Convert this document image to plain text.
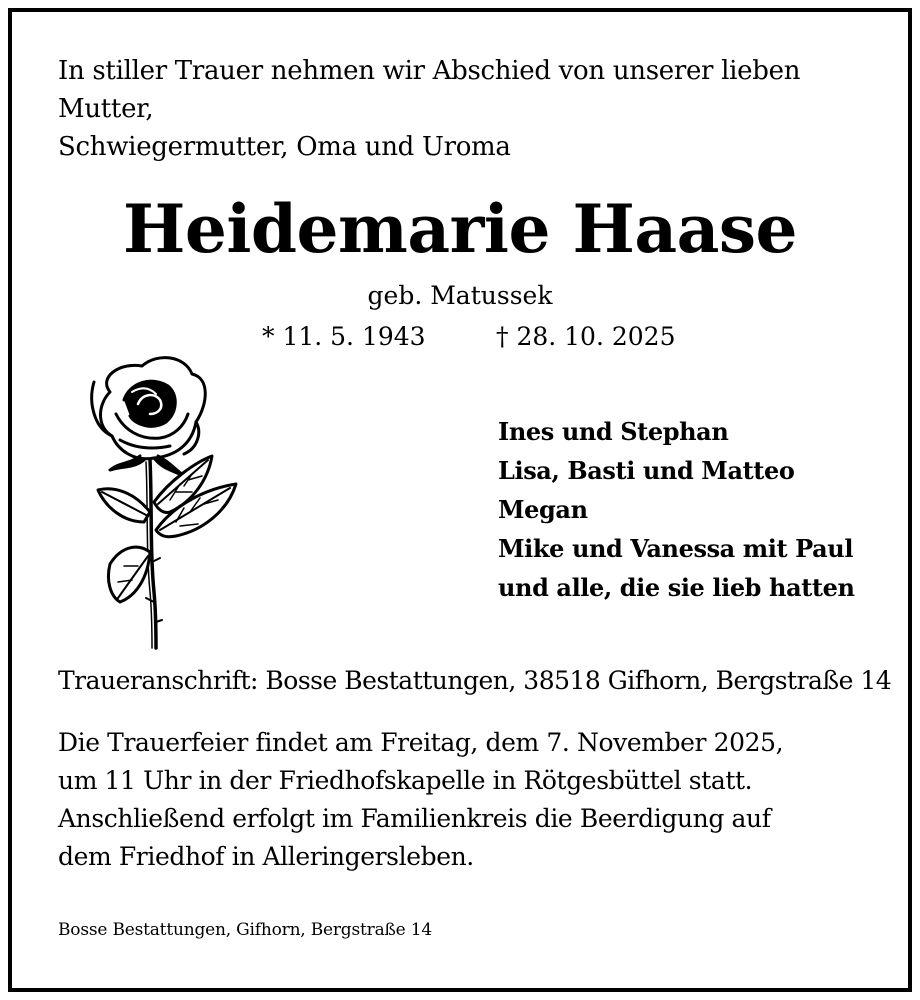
In stiller Trauer nehmen wir Abschied von unserer lieben Mutter,
Schwiegermutter, Oma und Uroma
Heidemarie Haase
geb. Matussek
* 11. 5. 1943	† 28. 10. 2025
Ines und Stephan
Lisa, Basti und Matteo
Megan
Mike und Vanessa mit Paul
und alle, die sie lieb hatten
Traueranschrift: Bosse Bestattungen, 38518 Gifhorn, Bergstraße 14
Die Trauerfeier findet am Freitag, dem 7. November 2025,
um 11 Uhr in der Friedhofskapelle in Rötgesbüttel statt.
Anschließend erfolgt im Familienkreis die Beerdigung auf
dem Friedhof in Alleringersleben.
Bosse Bestattungen, Gifhorn, Bergstraße 14
